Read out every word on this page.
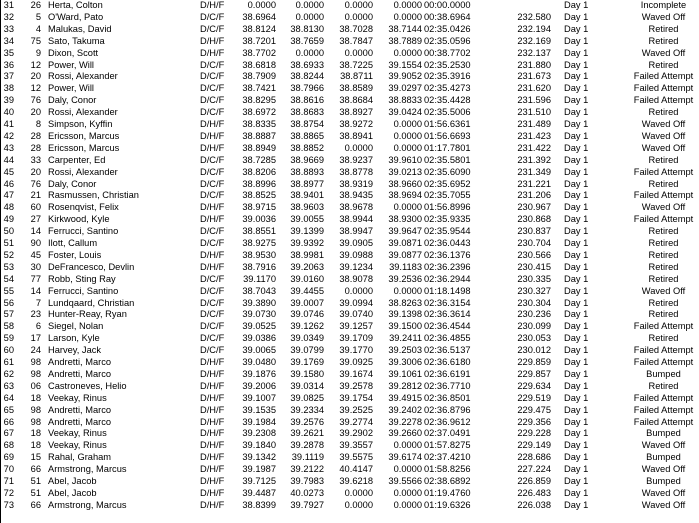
31	26 Herta, Colton	D/H/F	0.0000	0.0000	0.0000	0.0000 00:00.0000	Day 1	Incomplete
32	5 O'Ward, Pato	D/C/F	38.6964	0.0000	0.0000	0.0000 00:38.6964	232.580 Day 1	Waved Off
33	4 Malukas, David	D/C/F	38.8124	38.8130	38.7028	38.7144 02:35.0426	232.194 Day 1	Retired
34	75 Sato, Takuma	D/H/F	38.7201	38.7659	38.7847	38.7889 02:35.0596	232.169 Day 1	Retired
35	9 Dixon, Scott	D/H/F	38.7702	0.0000	0.0000	0.0000 00:38.7702	232.137 Day 1	Waved Off
36	12 Power, Will	D/C/F	38.6818	38.6933	38.7225	39.1554 02:35.2530	231.880 Day 1	Retired
37	20 Rossi, Alexander	D/C/F	38.7909	38.8244	38.8711	39.9052 02:35.3916	231.673 Day 1	Failed Attempt
38	12 Power, Will	D/C/F	38.7421	38.7966	38.8589	39.0297 02:35.4273	231.620 Day 1	Failed Attempt
39	76 Daly, Conor	D/C/F	38.8295	38.8616	38.8684	38.8833 02:35.4428	231.596 Day 1	Failed Attempt
40	20 Rossi, Alexander	D/C/F	38.6972	38.8683	38.8927	39.0424 02:35.5006	231.510 Day 1	Retired
41	8 Simpson, Kyffin	D/H/F	38.8335	38.8754	38.9272	0.0000 01:56.6361	231.489 Day 1	Waved Off
42	28 Ericsson, Marcus	D/H/F	38.8887	38.8865	38.8941	0.0000 01:56.6693	231.423 Day 1	Waved Off
43	28 Ericsson, Marcus	D/H/F	38.8949	38.8852	0.0000	0.0000 01:17.7801	231.422 Day 1	Waved Off
44	33 Carpenter, Ed	D/C/F	38.7285	38.9669	38.9237	39.9610 02:35.5801	231.392 Day 1	Retired
45	20 Rossi, Alexander	D/C/F	38.8206	38.8893	38.8778	39.0213 02:35.6090	231.349 Day 1	Failed Attempt
46	76 Daly, Conor	D/C/F	38.8996	38.8977	38.9319	38.9660 02:35.6952	231.221 Day 1	Retired
47	21 Rasmussen, Christian	D/C/F	38.8525	38.9401	38.9435	38.9694 02:35.7055	231.206 Day 1	Failed Attempt
48	60 Rosenqvist, Felix	D/H/F	38.9715	38.9603	38.9678	0.0000 01:56.8996	230.967 Day 1	Waved Off
49	27 Kirkwood, Kyle	D/H/F	39.0036	39.0055	38.9944	38.9300 02:35.9335	230.868 Day 1	Failed Attempt
50	14 Ferrucci, Santino	D/C/F	38.8551	39.1399	38.9947	39.9647 02:35.9544	230.837 Day 1	Retired
51	90 Ilott, Callum	D/C/F	38.9275	39.9392	39.0905	39.0871 02:36.0443	230.704 Day 1	Retired
52	45 Foster, Louis	D/H/F	38.9530	38.9981	39.0988	39.0877 02:36.1376	230.566 Day 1	Retired
53	30 DeFrancesco, Devlin	D/H/F	38.7916	39.2063	39.1234	39.1183 02:36.2396	230.415 Day 1	Retired
54	77 Robb, Sting Ray	D/C/F	39.1170	39.0160	38.9078	39.2536 02:36.2944	230.335 Day 1	Retired
55	14 Ferrucci, Santino	D/C/F	38.7043	39.4455	0.0000	0.0000 01:18.1498	230.327 Day 1	Waved Off
56	7 Lundqaard, Christian	D/C/F	39.3890	39.0007	39.0994	38.8263 02:36.3154	230.304 Day 1	Retired
57	23 Hunter-Reay, Ryan	D/C/F	39.0730	39.0746	39.0740	39.1398 02:36.3614	230.236 Day 1	Retired
58	6 Siegel, Nolan	D/C/F	39.0525	39.1262	39.1257	39.1500 02:36.4544	230.099 Day 1	Failed Attempt
59	17 Larson, Kyle	D/C/F	39.0386	39.0349	39.1709	39.2411 02:36.4855	230.053 Day 1	Retired
60	24 Harvey, Jack	D/C/F	39.0065	39.0799	39.1770	39.2503 02:36.5137	230.012 Day 1	Failed Attempt
61	98 Andretti, Marco	D/H/F	39.0480	39.1769	39.0925	39.3006 02:36.6180	229.859 Day 1	Failed Attempt
62	98 Andretti, Marco	D/H/F	39.1876	39.1580	39.1674	39.1061 02:36.6191	229.857 Day 1	Bumped
63	06 Castroneves, Helio	D/H/F	39.2006	39.0314	39.2578	39.2812 02:36.7710	229.634 Day 1	Retired
64	18 Veekay, Rinus	D/H/F	39.1007	39.0825	39.1754	39.4915 02:36.8501	229.519 Day 1	Failed Attempt
65	98 Andretti, Marco	D/H/F	39.1535	39.2334	39.2525	39.2402 02:36.8796	229.475 Day 1	Failed Attempt
66	98 Andretti, Marco	D/H/F	39.1984	39.2576	39.2774	39.2278 02:36.9612	229.356 Day 1	Failed Attempt
67	18 Veekay, Rinus	D/H/F	39.2308	39.2621	39.2902	39.2660 02:37.0491	229.228 Day 1	Bumped
68	18 Veekay, Rinus	D/H/F	39.1840	39.2878	39.3557	0.0000 01:57.8275	229.149 Day 1	Waved Off
69	15 Rahal, Graham	D/H/F	39.1342	39.1119	39.5575	39.6174 02:37.4210	228.686 Day 1	Bumped
70	66 Armstrong, Marcus	D/H/F	39.1987	39.2122	40.4147	0.0000 01:58.8256	227.224 Day 1	Waved Off
71	51 Abel, Jacob	D/H/F	39.7125	39.7983	39.6218	39.5566 02:38.6892	226.859 Day 1	Bumped
72	51 Abel, Jacob	D/H/F	39.4487	40.0273	0.0000	0.0000 01:19.4760	226.483 Day 1	Waved Off
73	66 Armstrong, Marcus	D/H/F	38.8399	39.7927	0.0000	0.0000 01:19.6326	226.038 Day 1	Waved Off
